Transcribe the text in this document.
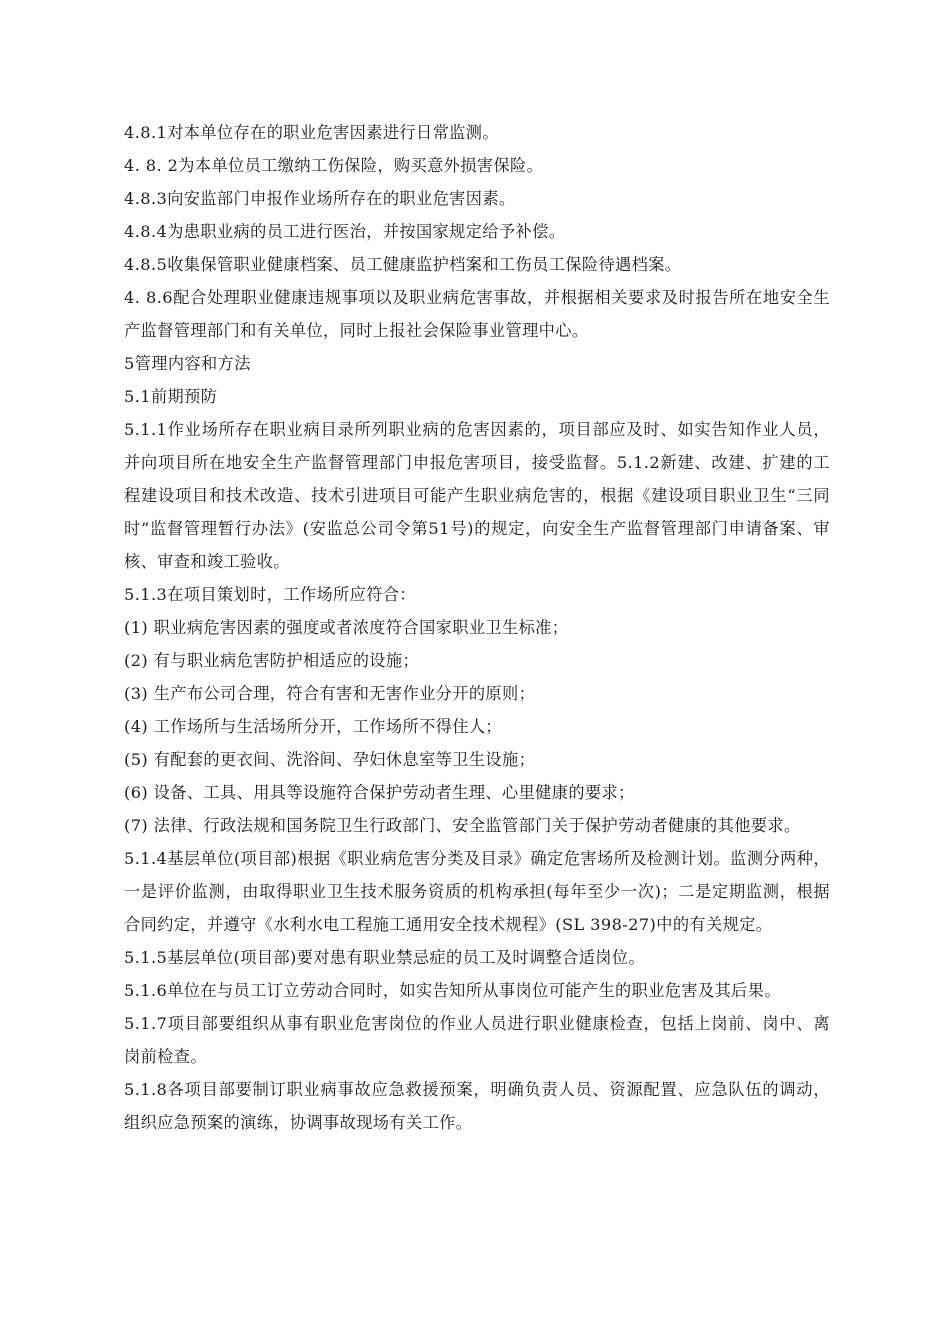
4.8.1对本单位存在的职业危害因素进行日常监测。

4. 8. 2为本单位员工缴纳工伤保险，购买意外损害保险。

4.8.3向安监部门申报作业场所存在的职业危害因素。

4.8.4为患职业病的员工进行医治，并按国家规定给予补偿。

4.8.5收集保管职业健康档案、员工健康监护档案和工伤员工保险待遇档案。

4. 8.6配合处理职业健康违规事项以及职业病危害事故，并根据相关要求及时报告所在地安全生产监督管理部门和有关单位，同时上报社会保险事业管理中心。

5管理内容和方法

5.1前期预防

5.1.1作业场所存在职业病目录所列职业病的危害因素的，项目部应及时、如实告知作业人员，并向项目所在地安全生产监督管理部门申报危害项目，接受监督。5.1.2新建、改建、扩建的工程建设项目和技术改造、技术引进项目可能产生职业病危害的，根据《建设项目职业卫生“三同时”监督管理暂行办法》(安监总公司令第51号)的规定，向安全生产监督管理部门申请备案、审核、审查和竣工验收。

5.1.3在项目策划时，工作场所应符合：

(1) 职业病危害因素的强度或者浓度符合国家职业卫生标准；

(2) 有与职业病危害防护相适应的设施；

(3) 生产布公司合理，符合有害和无害作业分开的原则；

(4) 工作场所与生活场所分开，工作场所不得住人；

(5) 有配套的更衣间、洗浴间、孕妇休息室等卫生设施；

(6) 设备、工具、用具等设施符合保护劳动者生理、心里健康的要求；

(7) 法律、行政法规和国务院卫生行政部门、安全监管部门关于保护劳动者健康的其他要求。

5.1.4基层单位(项目部)根据《职业病危害分类及目录》确定危害场所及检测计划。监测分两种，一是评价监测，由取得职业卫生技术服务资质的机构承担(每年至少一次)；二是定期监测，根据合同约定，并遵守《水利水电工程施工通用安全技术规程》(SL 398-27)中的有关规定。

5.1.5基层单位(项目部)要对患有职业禁忌症的员工及时调整合适岗位。

5.1.6单位在与员工订立劳动合同时，如实告知所从事岗位可能产生的职业危害及其后果。

5.1.7项目部要组织从事有职业危害岗位的作业人员进行职业健康检查，包括上岗前、岗中、离岗前检查。

5.1.8各项目部要制订职业病事故应急救援预案，明确负责人员、资源配置、应急队伍的调动，组织应急预案的演练，协调事故现场有关工作。
